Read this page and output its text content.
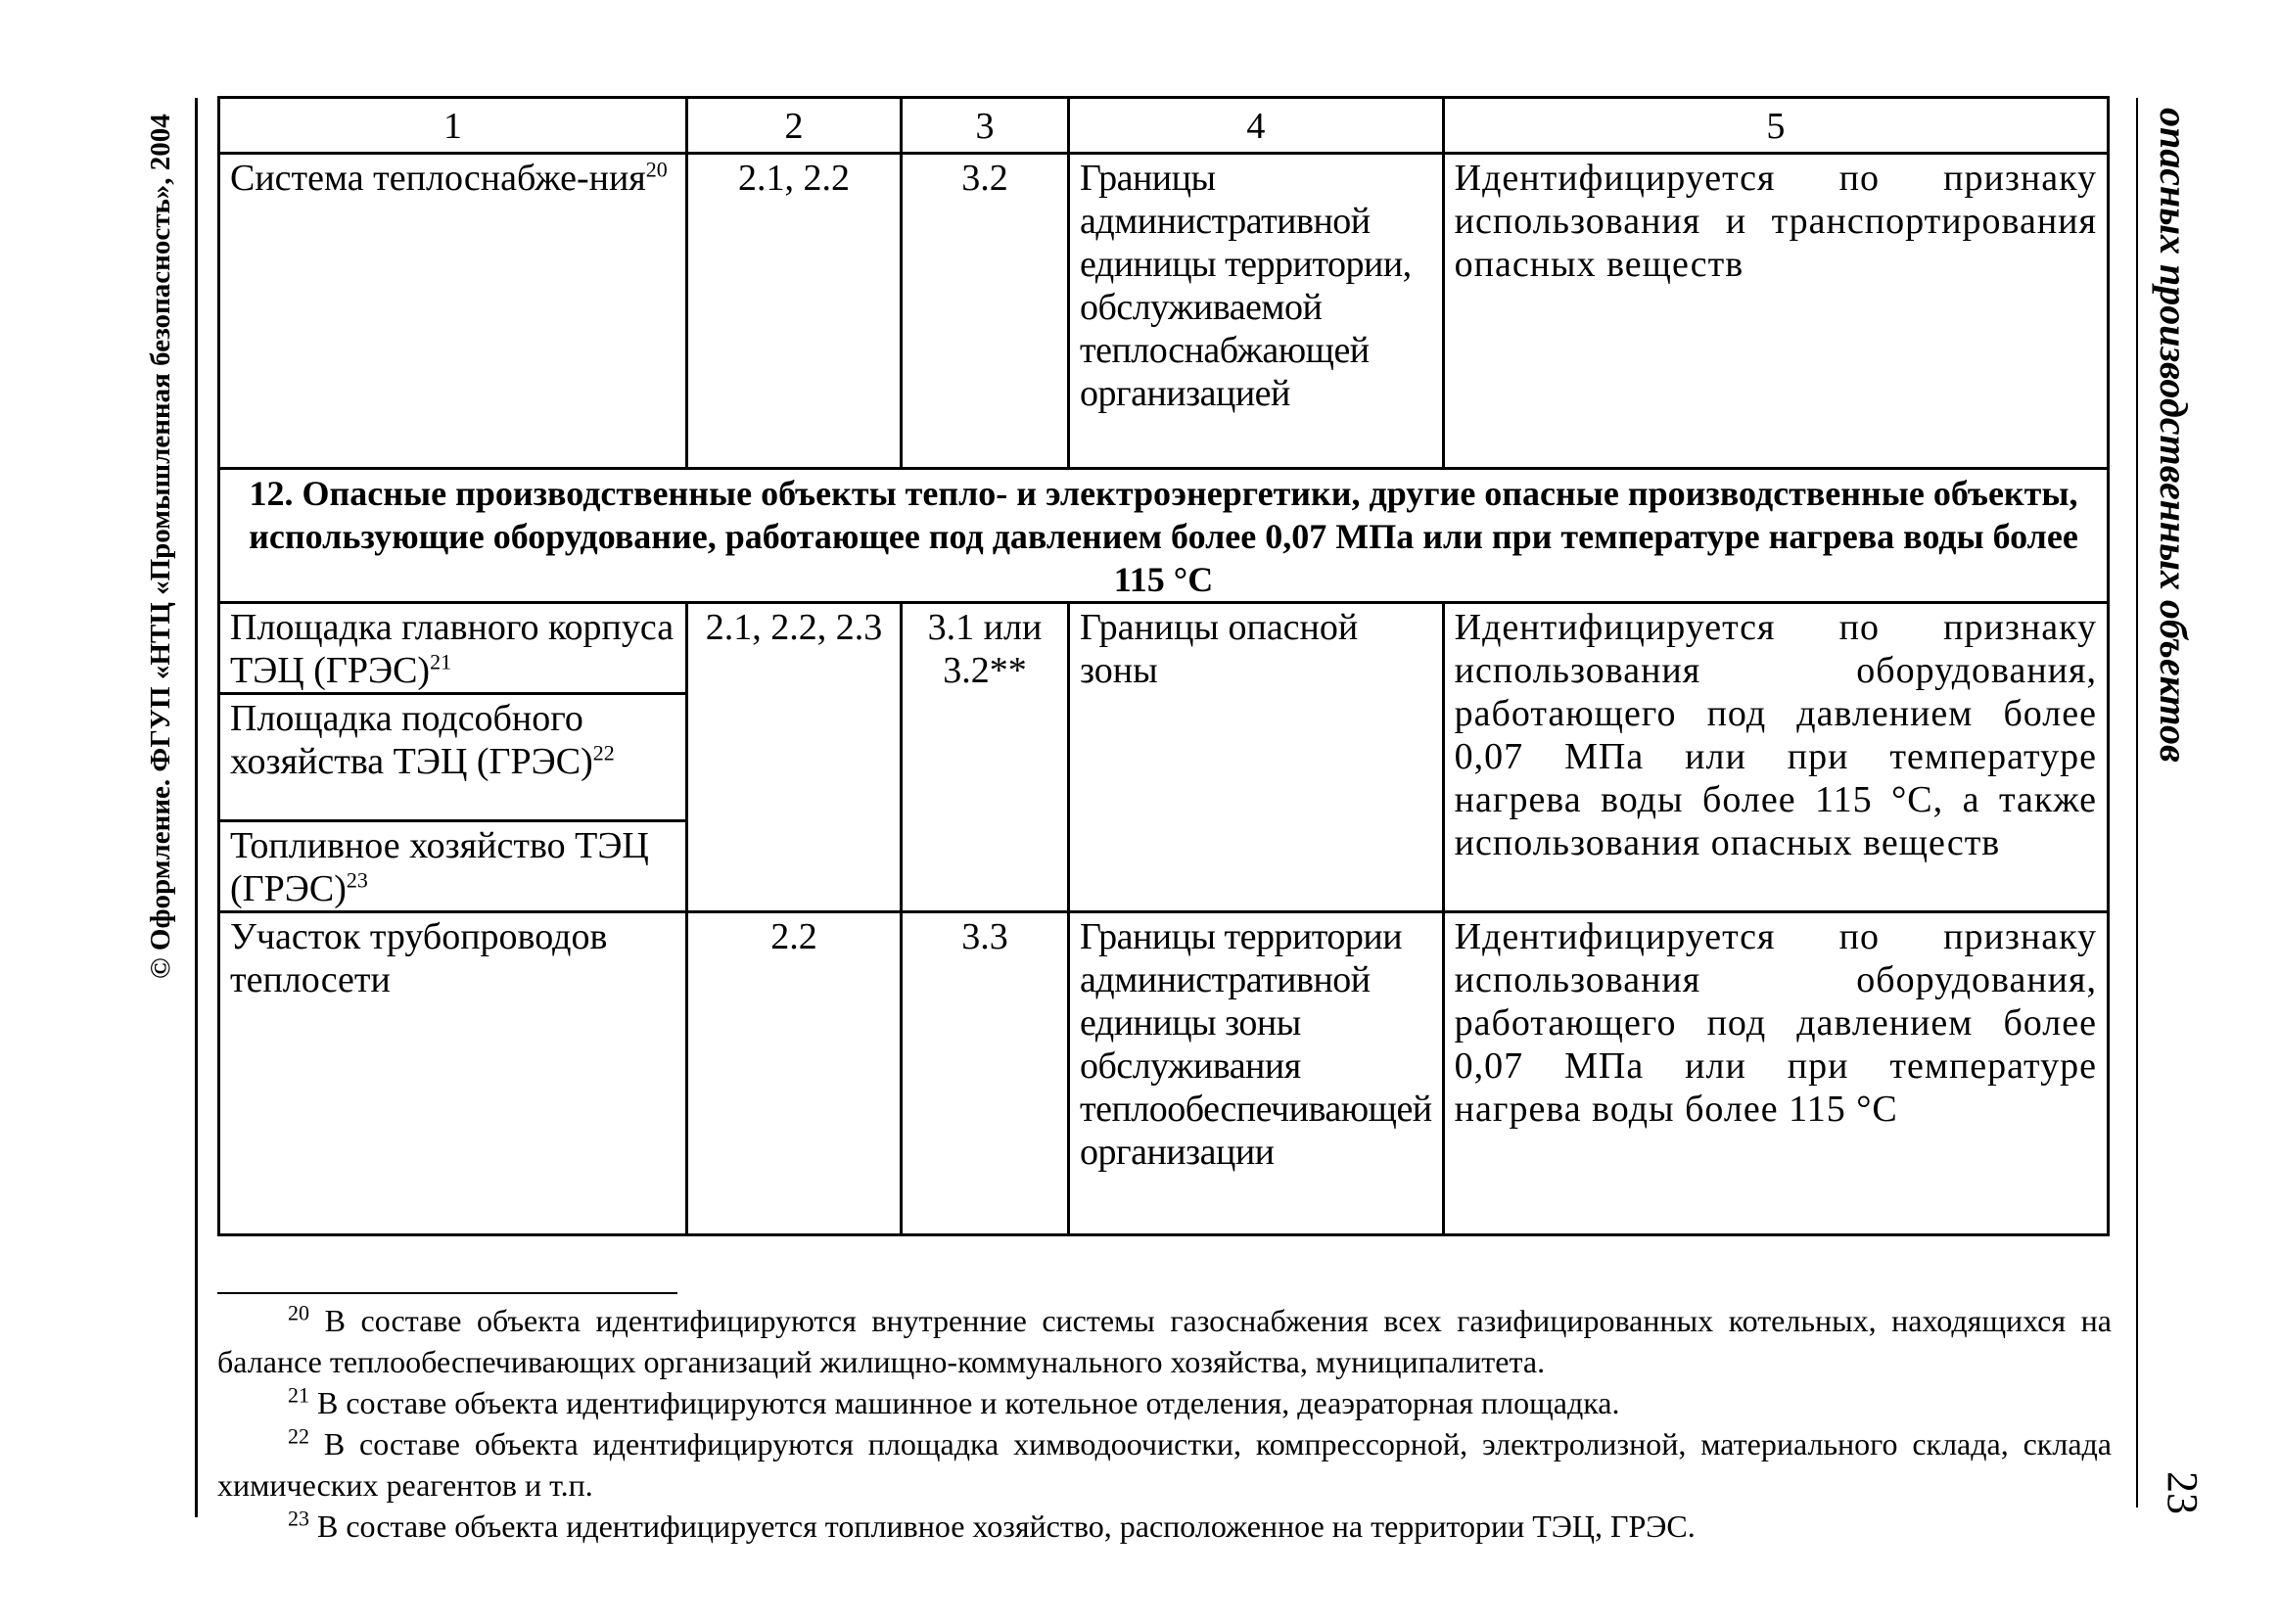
© Оформление. ФГУП «НТЦ «Промышленная безопасность», 2004	опасных производственных объектов
23
1	2	3	4	5
Система теплоснабже-ния$^{20}$	2.1, 2.2	3.2	Границы административной единицы территории, обслуживаемой теплоснабжающей организацией	Идентифицируется по признаку использования и транспортирования опасных веществ
12. Опасные производственные объекты тепло- и электроэнергетики, другие опасные производственные объекты, использующие оборудование, работающее под давлением более 0,07 МПа или при температуре нагрева воды более 115 °С				
Площадка главного корпуса ТЭЦ (ГРЭС)$^{21}$	2.1, 2.2, 2.3	3.1 или 3.2**	Границы опасной зоны	Идентифицируется по признаку использования оборудования, работающего под давлением более 0,07 МПа или при температуре нагрева воды более 115 °С, а также использования опасных веществ
Площадка подсобного хозяйства ТЭЦ (ГРЭС)$^{22}$
Топливное хозяйство ТЭЦ (ГРЭС)$^{23}$
Участок трубопроводов теплосети	2.2	3.3	Границы территории административной единицы зоны обслуживания теплообеспечивающей организации	Идентифицируется по признаку использования оборудования, работающего под давлением более 0,07 МПа или при температуре нагрева воды более 115 °С

$^{20}$ В составе объекта идентифицируются внутренние системы газоснабжения всех газифицированных котельных, находящихся на балансе теплообеспечивающих организаций жилищно-коммунального хозяйства, муниципалитета.

$^{21}$ В составе объекта идентифицируются машинное и котельное отделения, деаэраторная площадка.

$^{22}$ В составе объекта идентифицируются площадка химводоочистки, компрессорной, электролизной, материального склада, склада химических реагентов и т.п.

$^{23}$ В составе объекта идентифицируется топливное хозяйство, расположенное на территории ТЭЦ, ГРЭС.
